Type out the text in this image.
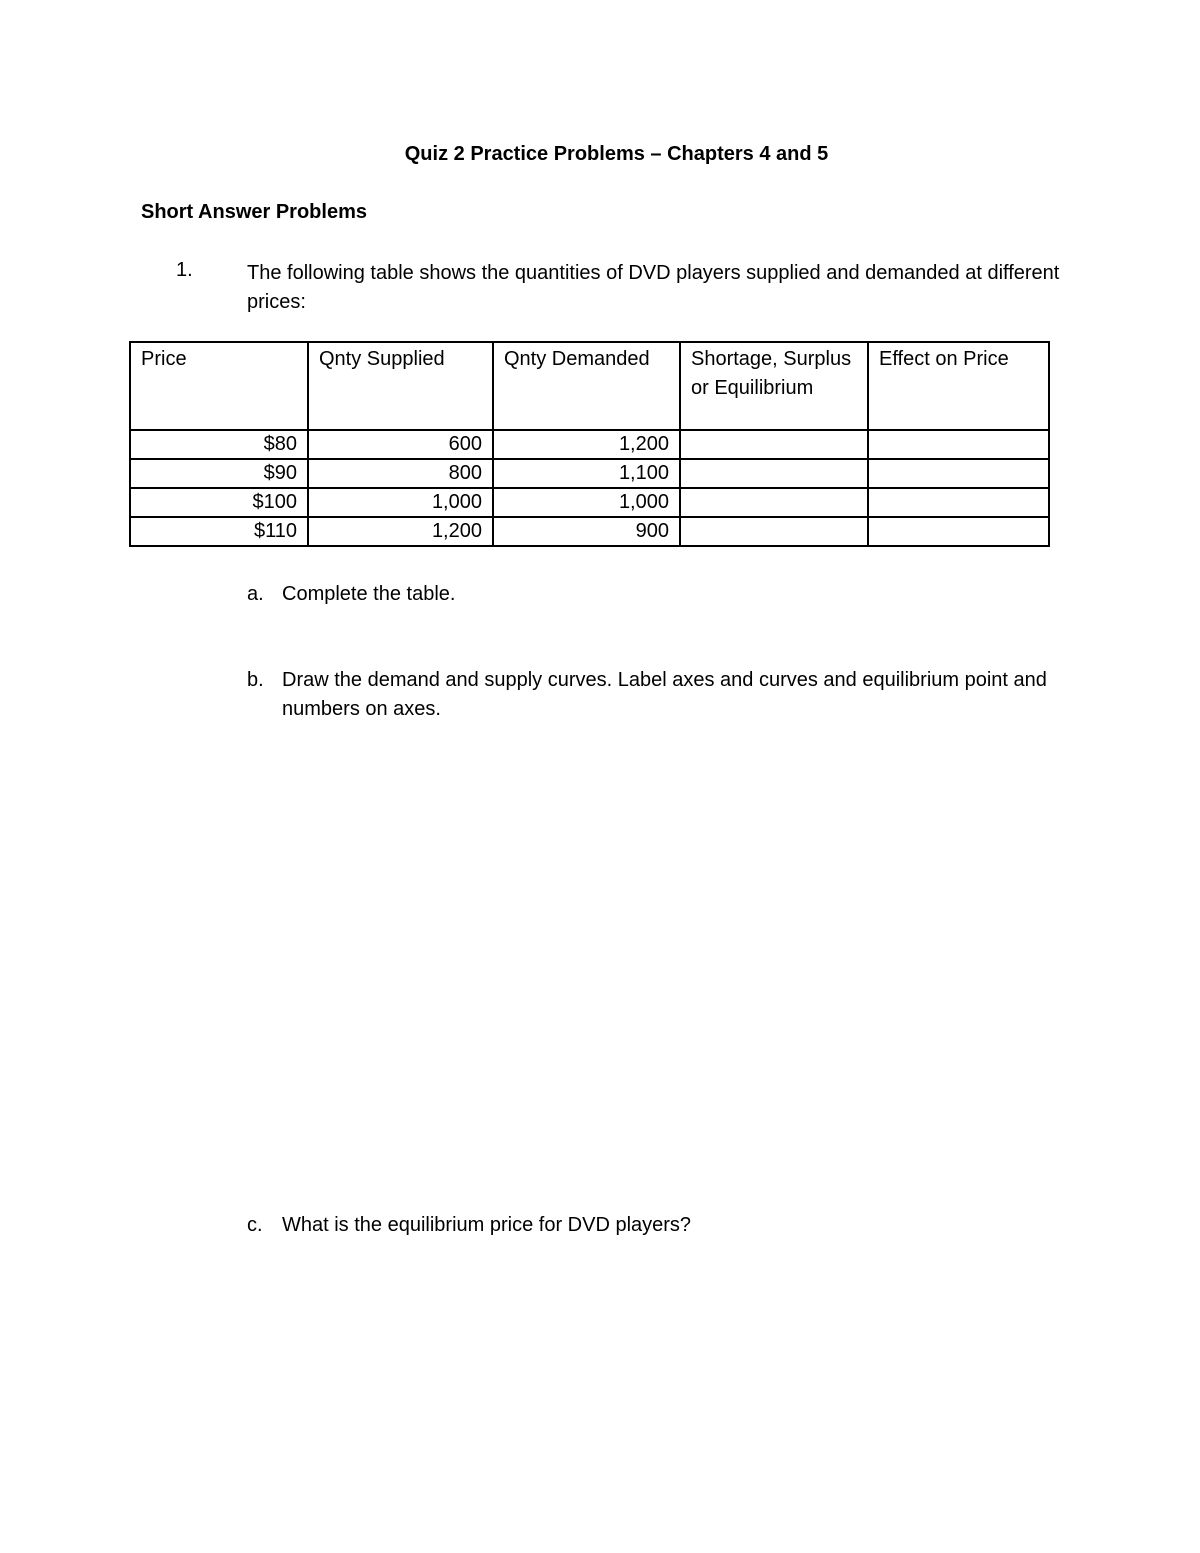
Quiz 2 Practice Problems – Chapters 4 and 5
Short Answer Problems
1.	The following table shows the quantities of DVD players supplied and demanded at different prices:
Price	Qnty Supplied	Qnty Demanded	Shortage, Surplus or Equilibrium	Effect on Price
$80	600	1,200		
$90	800	1,100		
$100	1,000	1,000		
$110	1,200	900		
a. Complete the table.
b. Draw the demand and supply curves. Label axes and curves and equilibrium point and numbers on axes.
c. What is the equilibrium price for DVD players?
